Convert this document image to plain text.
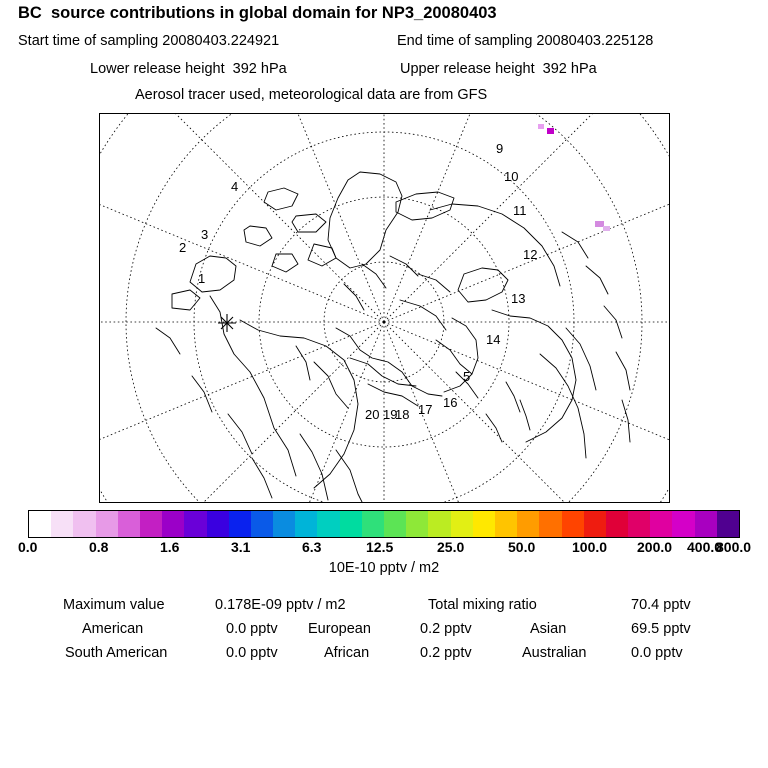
BC  source contributions in global domain for NP3_20080403
Start time of sampling 20080403.224921	End time of sampling 20080403.225128
Lower release height  392 hPa	Upper release height  392 hPa
Aerosol tracer used, meteorological data are from GFS
9
10
11
12
13
14
5
16
17
18
19
20
1
2
3
4
0.0	0.8	1.6	3.1	6.3	12.5	25.0	50.0	100.0 200.0 400.0
800.0
10E-10 pptv / m2
Maximum value	0.178E-09 pptv / m2	Total mixing ratio	70.4 pptv
American	0.0 pptv European	0.2 pptv	Asian	69.5 pptv
South American	0.0 pptv	African	0.2 pptv	Australian	0.0 pptv
